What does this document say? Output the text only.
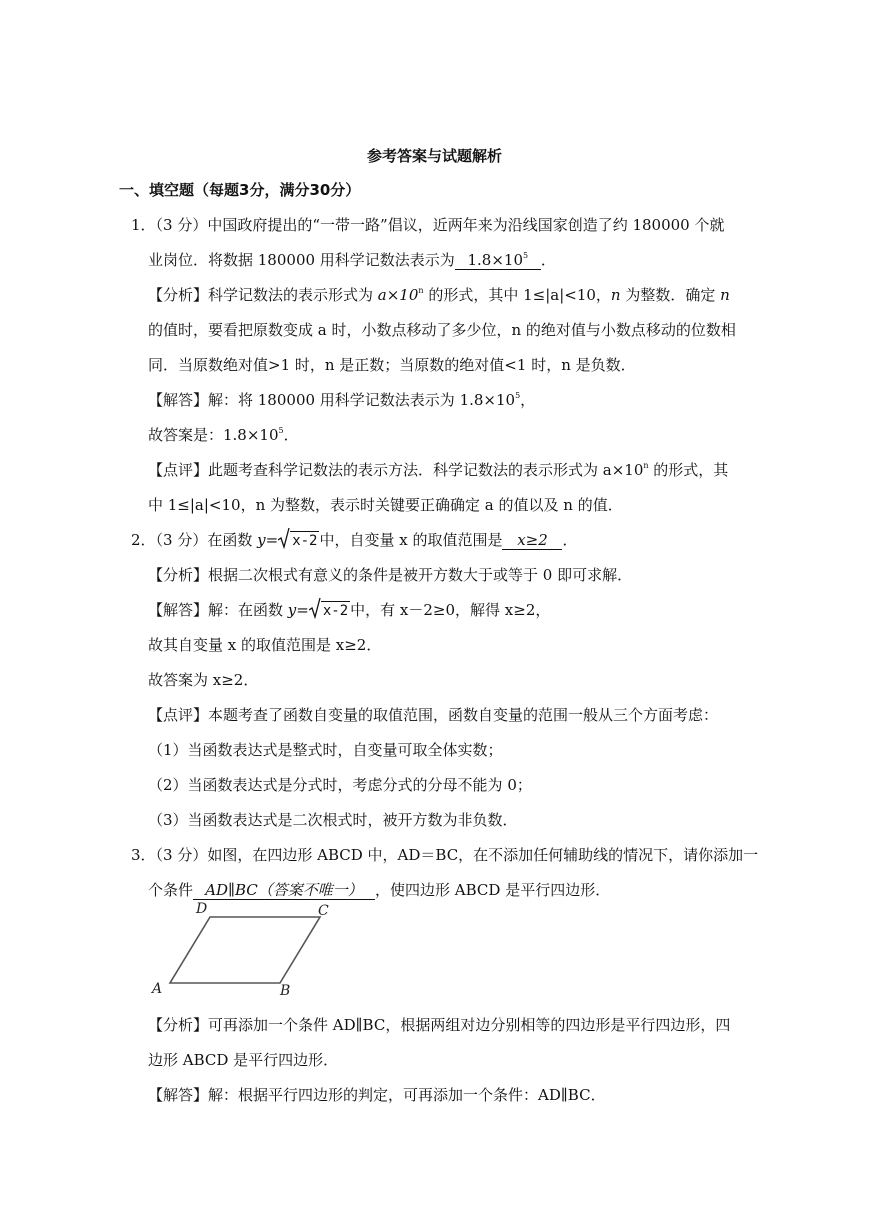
参考答案与试题解析
一、填空题（每题3分，满分30分）
1．（3 分）中国政府提出的“一带一路”倡议，近两年来为沿线国家创造了约 180000 个就
业岗位．将数据 180000 用科学记数法表示为 $1.8\times 10^5$ ．
【分析】科学记数法的表示形式为 $a\times 10^n$ 的形式，其中 1≤|a|<10，n 为整数．确定 n
的值时，要看把原数变成 a 时，小数点移动了多少位，n 的绝对值与小数点移动的位数相
同．当原数绝对值>1 时，n 是正数；当原数的绝对值<1 时，n 是负数．
【解答】解：将 180000 用科学记数法表示为 $1.8\times 10^5$，
故答案是：$1.8\times 10^5$．
【点评】此题考查科学记数法的表示方法．科学记数法的表示形式为 $a\times 10^n$ 的形式，其
中 1≤|a|<10，n 为整数，表示时关键要正确确定 a 的值以及 n 的值．
2．（3 分）在函数 y= x-2 中，自变量 x 的取值范围是 x≥2 ．
【分析】根据二次根式有意义的条件是被开方数大于或等于 0 即可求解．
【解答】解：在函数 y= x-2 中，有 x－2≥0，解得 x≥2，
故其自变量 x 的取值范围是 x≥2．
故答案为 x≥2．
【点评】本题考查了函数自变量的取值范围，函数自变量的范围一般从三个方面考虑：
（1）当函数表达式是整式时，自变量可取全体实数；
（2）当函数表达式是分式时，考虑分式的分母不能为 0；
（3）当函数表达式是二次根式时，被开方数为非负数．
3．（3 分）如图，在四边形 ABCD 中，AD＝BC，在不添加任何辅助线的情况下，请你添加一
个条件 AD∥BC（答案不唯一） ，使四边形 ABCD 是平行四边形．
A	B
C
D
【分析】可再添加一个条件 AD∥BC，根据两组对边分别相等的四边形是平行四边形，四
边形 ABCD 是平行四边形．
【解答】解：根据平行四边形的判定，可再添加一个条件：AD∥BC．
